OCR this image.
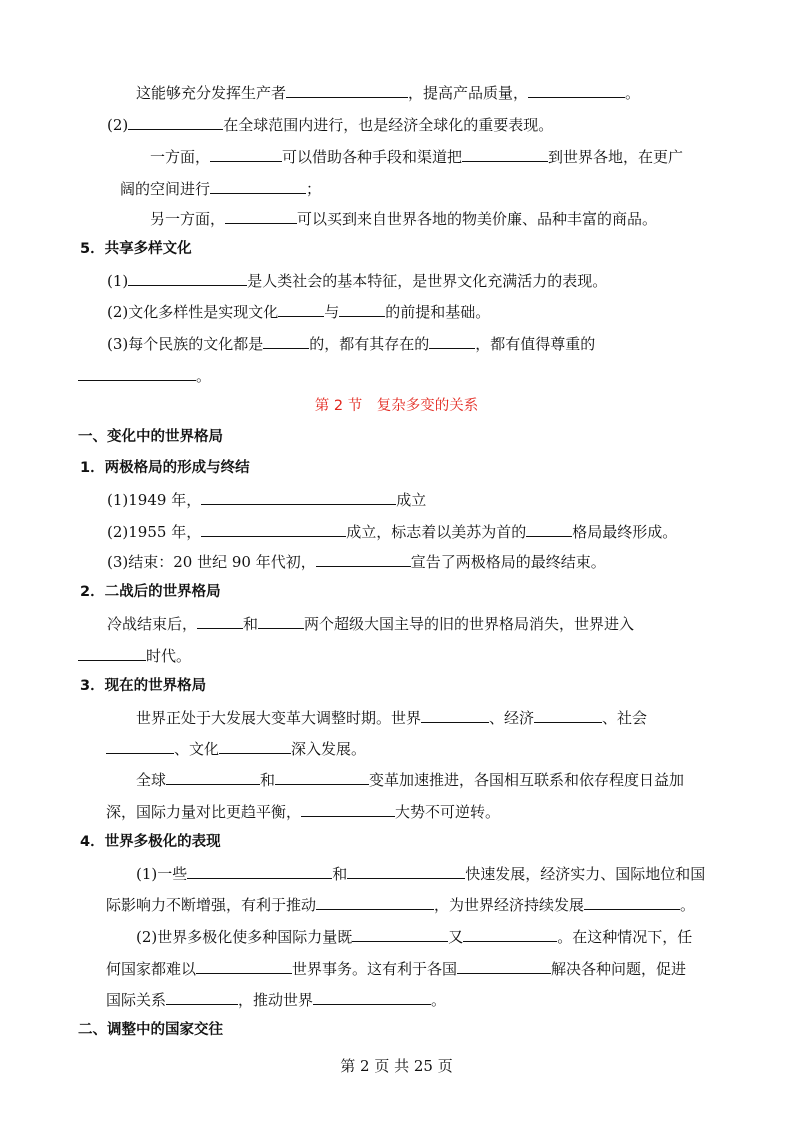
这能够充分发挥生产者	，提高产品质量，	。
(2)	在全球范围内进行，也是经济全球化的重要表现。
一方面，	可以借助各种手段和渠道把	到世界各地，在更广
阔的空间进行	；
另一方面，	可以买到来自世界各地的物美价廉、品种丰富的商品。
5．共享多样文化
(1)	是人类社会的基本特征，是世界文化充满活力的表现。
(2)文化多样性是实现文化	与	的前提和基础。
(3)每个民族的文化都是	的，都有其存在的	，都有值得尊重的
。
第 2 节　复杂多变的关系
一、变化中的世界格局
1．两极格局的形成与终结
(1)1949 年，	成立
(2)1955 年，	成立，标志着以美苏为首的	格局最终形成。
(3)结束：20 世纪 90 年代初，	宣告了两极格局的最终结束。
2．二战后的世界格局
冷战结束后，	和	两个超级大国主导的旧的世界格局消失，世界进入
时代。
3．现在的世界格局
世界正处于大发展大变革大调整时期。世界	、经济	、社会
、文化	深入发展。
全球	和	变革加速推进，各国相互联系和依存程度日益加
深，国际力量对比更趋平衡，	大势不可逆转。
4．世界多极化的表现
(1)一些	和	快速发展，经济实力、国际地位和国
际影响力不断增强，有利于推动	，为世界经济持续发展	。
(2)世界多极化使多种国际力量既	又	。在这种情况下，任
何国家都难以	世界事务。这有利于各国	解决各种问题，促进
国际关系	，推动世界	。
二、调整中的国家交往
第 2 页 共 25 页
